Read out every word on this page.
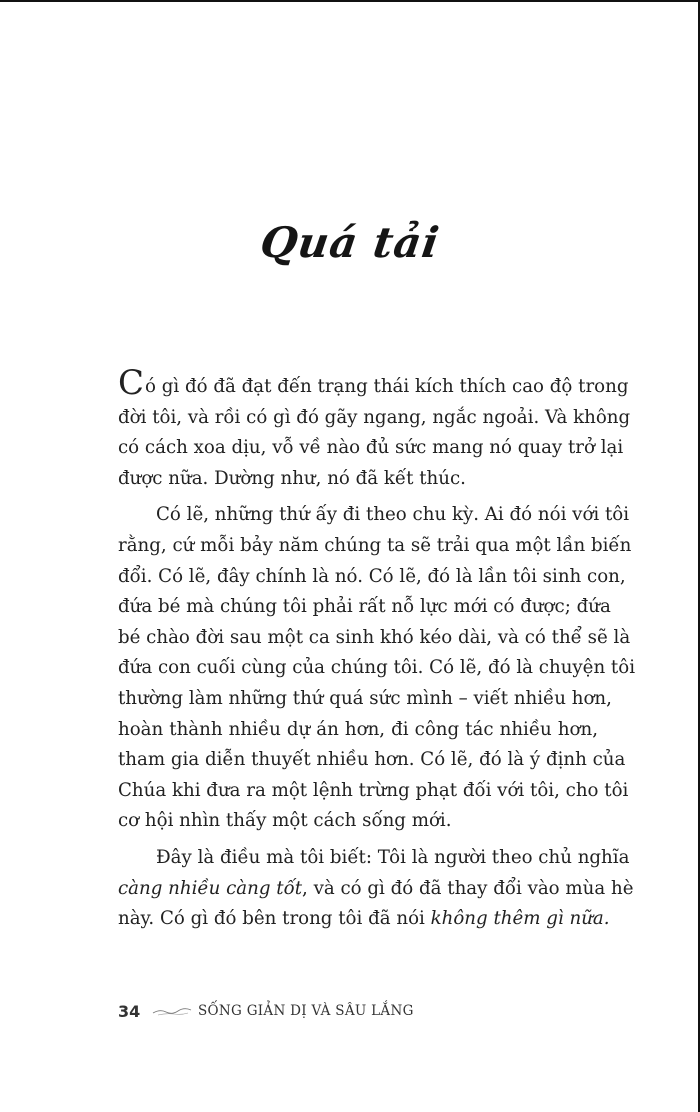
Quá tải
Có gì đó đã đạt đến trạng thái kích thích cao độ trong
đời tôi, và rồi có gì đó gãy ngang, ngắc ngoải. Và không
có cách xoa dịu, vỗ về nào đủ sức mang nó quay trở lại
được nữa. Dường như, nó đã kết thúc.
Có lẽ, những thứ ấy đi theo chu kỳ. Ai đó nói với tôi
rằng, cứ mỗi bảy năm chúng ta sẽ trải qua một lần biến
đổi. Có lẽ, đây chính là nó. Có lẽ, đó là lần tôi sinh con,
đứa bé mà chúng tôi phải rất nỗ lực mới có được; đứa
bé chào đời sau một ca sinh khó kéo dài, và có thể sẽ là
đứa con cuối cùng của chúng tôi. Có lẽ, đó là chuyện tôi
thường làm những thứ quá sức mình – viết nhiều hơn,
hoàn thành nhiều dự án hơn, đi công tác nhiều hơn,
tham gia diễn thuyết nhiều hơn. Có lẽ, đó là ý định của
Chúa khi đưa ra một lệnh trừng phạt đối với tôi, cho tôi
cơ hội nhìn thấy một cách sống mới.
Đây là điều mà tôi biết: Tôi là người theo chủ nghĩa
càng nhiều càng tốt, và có gì đó đã thay đổi vào mùa hè
này. Có gì đó bên trong tôi đã nói không thêm gì nữa.
34	SỐNG GIẢN DỊ VÀ SÂU LẮNG
